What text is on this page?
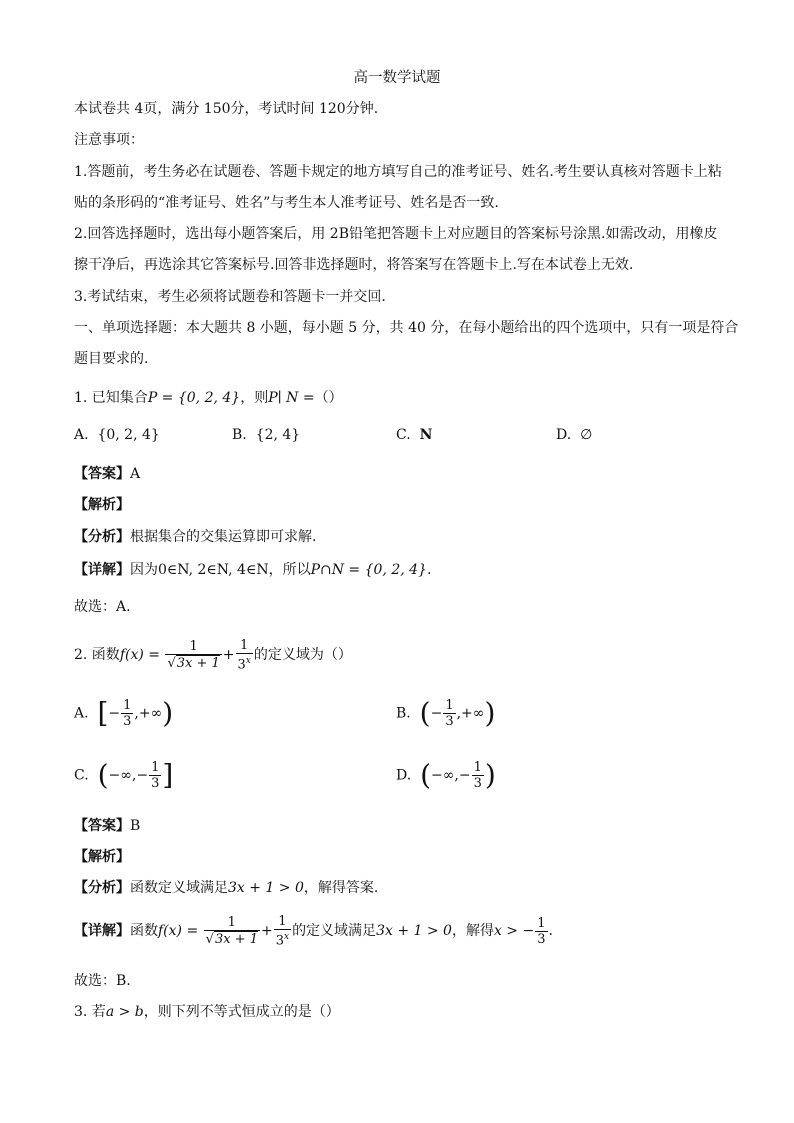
高一数学试题
本试卷共 4页，满分 150分，考试时间 120分钟.
注意事项：
1.答题前，考生务必在试题卷、答题卡规定的地方填写自己的准考证号、姓名.考生要认真核对答题卡上粘
贴的条形码的“准考证号、姓名”与考生本人准考证号、姓名是否一致.
2.回答选择题时，选出每小题答案后，用 2B铅笔把答题卡上对应题目的答案标号涂黑.如需改动，用橡皮
擦干净后，再选涂其它答案标号.回答非选择题时，将答案写在答题卡上.写在本试卷上无效.
3.考试结束，考生必须将试题卷和答题卡一并交回.
一、单项选择题：本大题共 8 小题，每小题 5 分，共 40 分，在每小题给出的四个选项中，只有一项是符合
题目要求的.
1. 已知集合P = {0, 2, 4}，则P∣ N =（）
A. {0, 2, 4}	B. {2, 4}	C. N	D. ∅
【答案】A
【解析】
【分析】根据集合的交集运算即可求解.
【详解】因为0∈N, 2∈N, 4∈N，所以P∩N = {0, 2, 4}.
故选：A.
2. 函数$f(x) = \frac{1}{√3x + 1} + \frac{1}{3^x}$ 的定义域为（）
A. [− $\frac{1}{3}$ ,+∞)	B. (− $\frac{1}{3}$ ,+∞)
C. (−∞,− $\frac{1}{3}$ ]	D. (−∞,− $\frac{1}{3}$ )
【答案】B
【解析】
【分析】函数定义域满足3x + 1 > 0，解得答案.
【详解】函数$f(x) = \frac{1}{√3x + 1} + \frac{1}{3^x}$ 的定义域满足3x + 1 > 0，解得x > − $\frac{1}{3}$ .
故选：B.
3. 若a > b，则下列不等式恒成立的是（）
